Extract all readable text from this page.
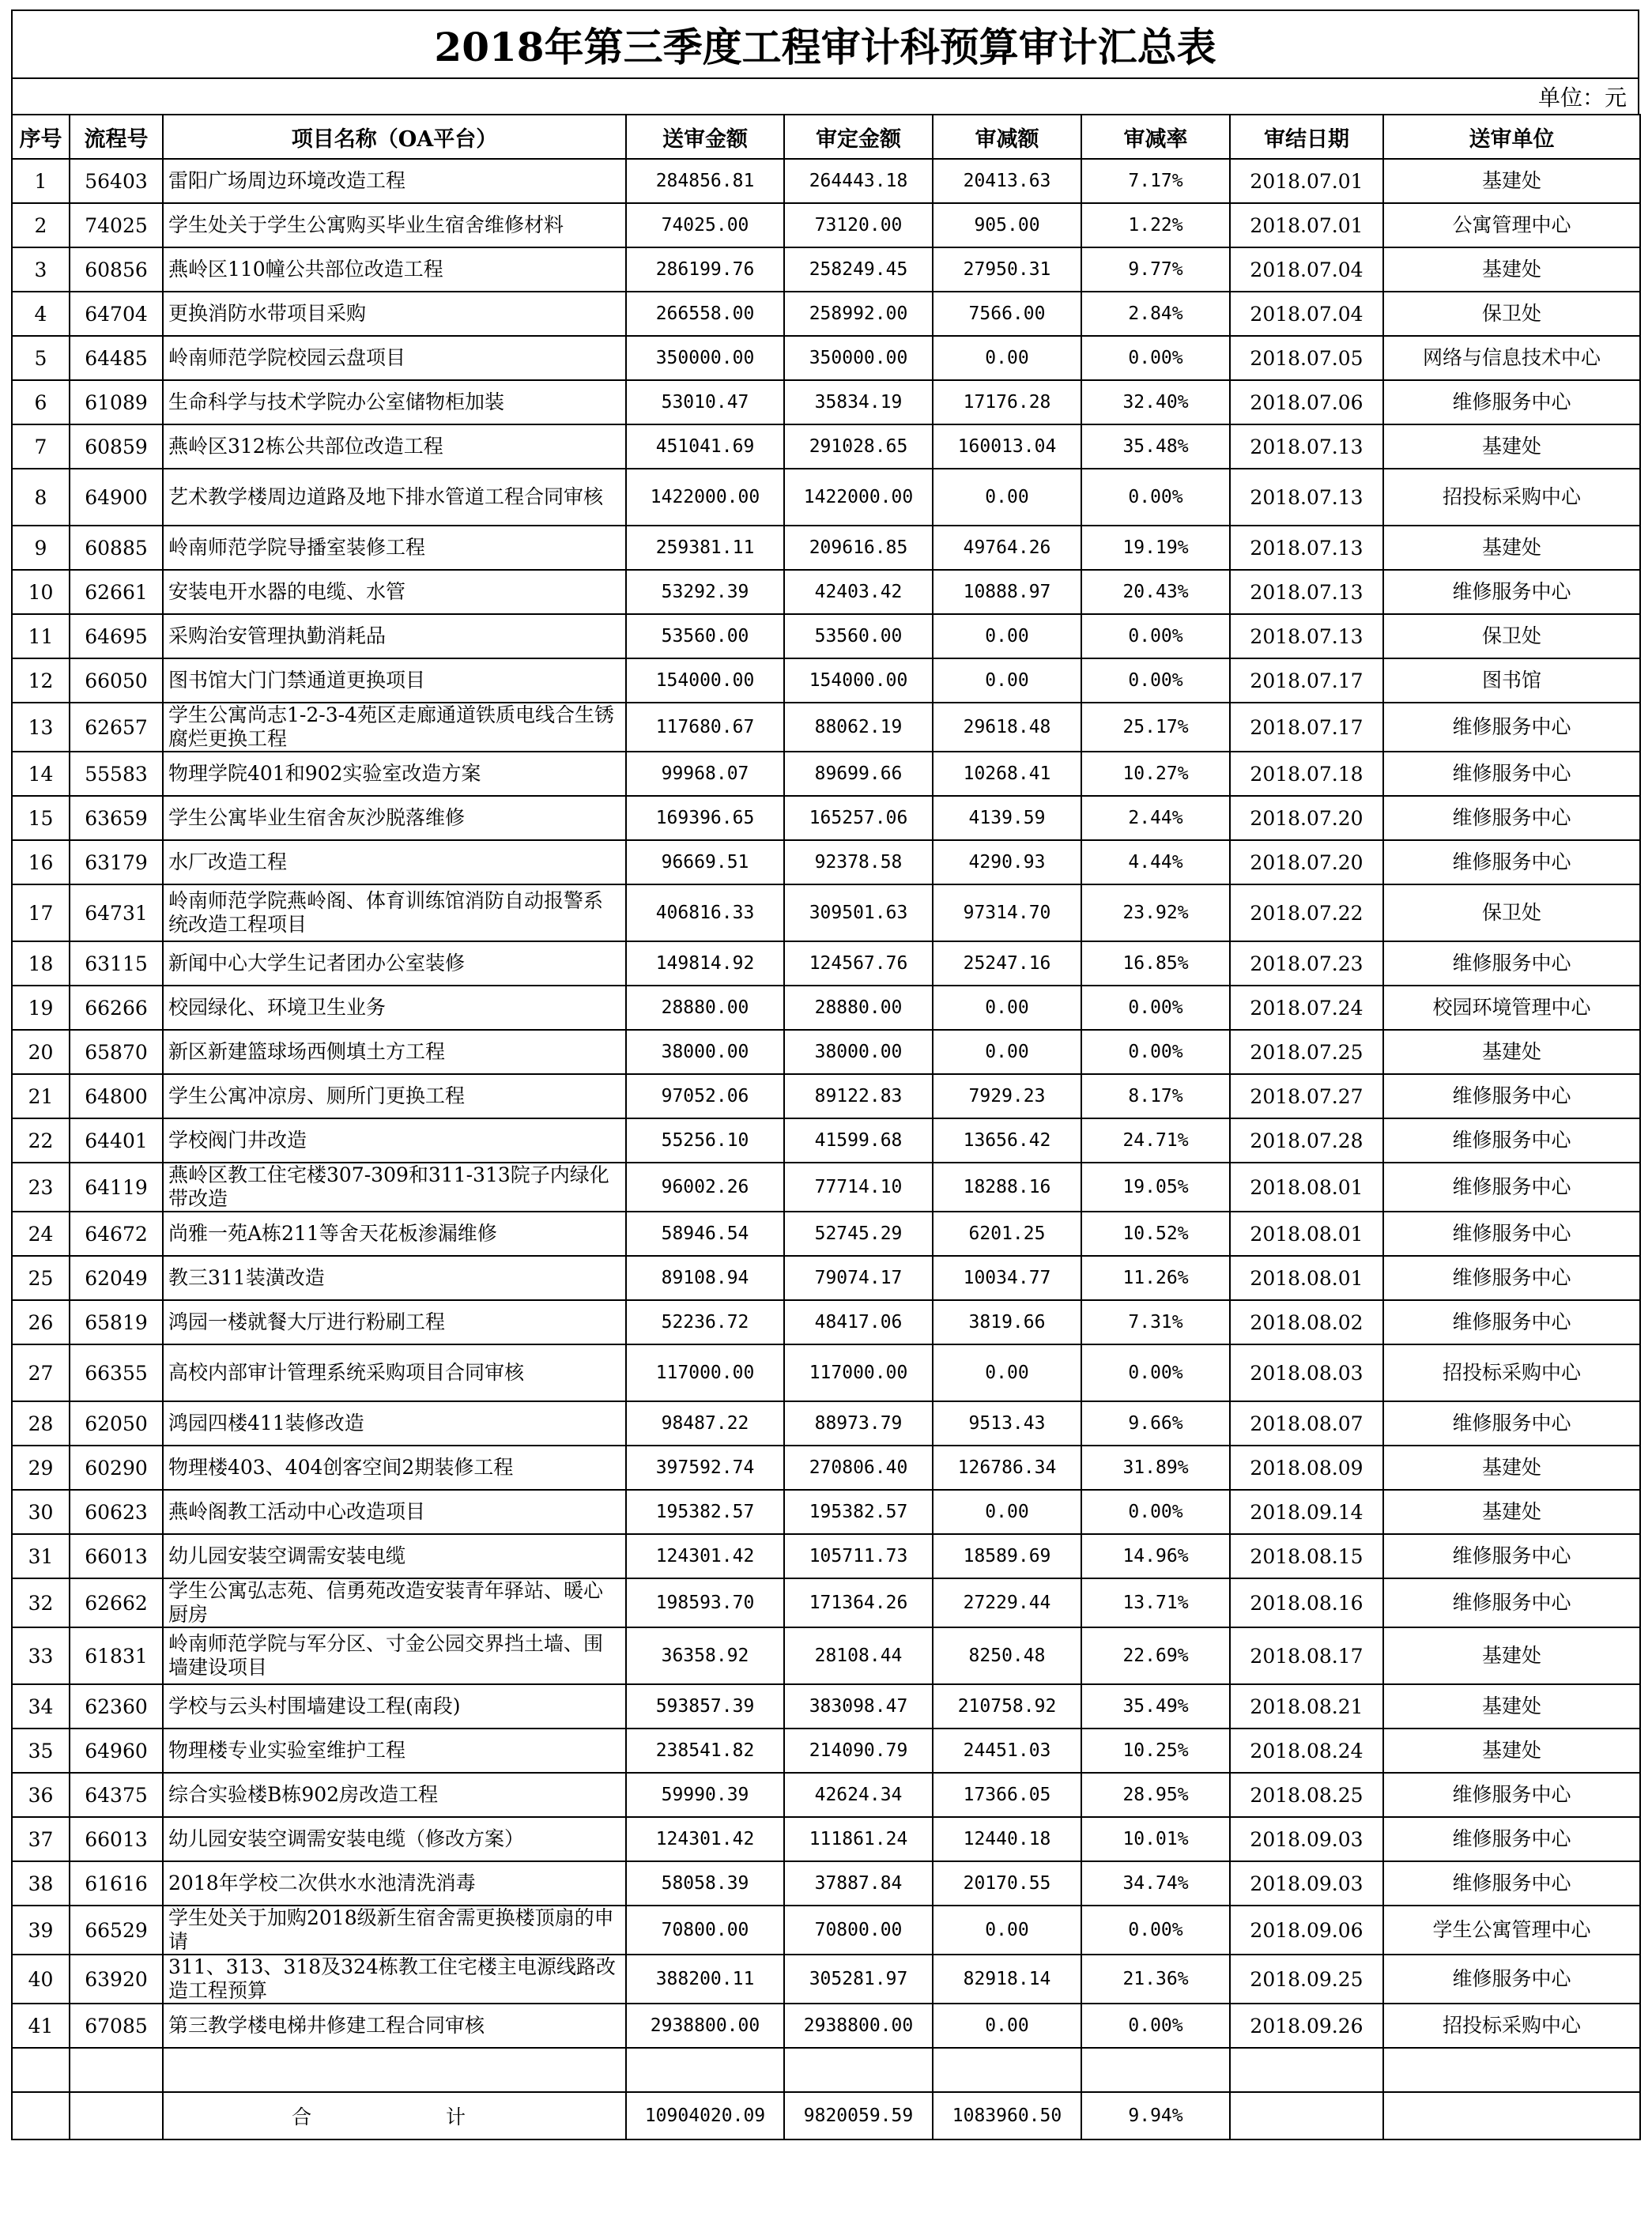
2018年第三季度工程审计科预算审计汇总表
单位：元
序号	流程号	项目名称（OA平台）	送审金额	审定金额	审减额	审减率	审结日期	送审单位
1	56403	雷阳广场周边环境改造工程	284856.81	264443.18	20413.63	7.17%	2018.07.01	基建处
2	74025	学生处关于学生公寓购买毕业生宿舍维修材料	74025.00	73120.00	905.00	1.22%	2018.07.01	公寓管理中心
3	60856	燕岭区110幢公共部位改造工程	286199.76	258249.45	27950.31	9.77%	2018.07.04	基建处
4	64704	更换消防水带项目采购	266558.00	258992.00	7566.00	2.84%	2018.07.04	保卫处
5	64485	岭南师范学院校园云盘项目	350000.00	350000.00	0.00	0.00%	2018.07.05	网络与信息技术中心
6	61089	生命科学与技术学院办公室储物柜加装	53010.47	35834.19	17176.28	32.40%	2018.07.06	维修服务中心
7	60859	燕岭区312栋公共部位改造工程	451041.69	291028.65	160013.04	35.48%	2018.07.13	基建处
8	64900	艺术教学楼周边道路及地下排水管道工程合同审核	1422000.00	1422000.00	0.00	0.00%	2018.07.13	招投标采购中心
9	60885	岭南师范学院导播室装修工程	259381.11	209616.85	49764.26	19.19%	2018.07.13	基建处
10	62661	安装电开水器的电缆、水管	53292.39	42403.42	10888.97	20.43%	2018.07.13	维修服务中心
11	64695	采购治安管理执勤消耗品	53560.00	53560.00	0.00	0.00%	2018.07.13	保卫处
12	66050	图书馆大门门禁通道更换项目	154000.00	154000.00	0.00	0.00%	2018.07.17	图书馆
13	62657	学生公寓尚志1-2-3-4苑区走廊通道铁质电线合生锈腐烂更换工程	117680.67	88062.19	29618.48	25.17%	2018.07.17	维修服务中心
14	55583	物理学院401和902实验室改造方案	99968.07	89699.66	10268.41	10.27%	2018.07.18	维修服务中心
15	63659	学生公寓毕业生宿舍灰沙脱落维修	169396.65	165257.06	4139.59	2.44%	2018.07.20	维修服务中心
16	63179	水厂改造工程	96669.51	92378.58	4290.93	4.44%	2018.07.20	维修服务中心
17	64731	岭南师范学院燕岭阁、体育训练馆消防自动报警系统改造工程项目	406816.33	309501.63	97314.70	23.92%	2018.07.22	保卫处
18	63115	新闻中心大学生记者团办公室装修	149814.92	124567.76	25247.16	16.85%	2018.07.23	维修服务中心
19	66266	校园绿化、环境卫生业务	28880.00	28880.00	0.00	0.00%	2018.07.24	校园环境管理中心
20	65870	新区新建篮球场西侧填土方工程	38000.00	38000.00	0.00	0.00%	2018.07.25	基建处
21	64800	学生公寓冲凉房、厕所门更换工程	97052.06	89122.83	7929.23	8.17%	2018.07.27	维修服务中心
22	64401	学校阀门井改造	55256.10	41599.68	13656.42	24.71%	2018.07.28	维修服务中心
23	64119	燕岭区教工住宅楼307-309和311-313院子内绿化带改造	96002.26	77714.10	18288.16	19.05%	2018.08.01	维修服务中心
24	64672	尚雅一苑A栋211等舍天花板渗漏维修	58946.54	52745.29	6201.25	10.52%	2018.08.01	维修服务中心
25	62049	教三311装潢改造	89108.94	79074.17	10034.77	11.26%	2018.08.01	维修服务中心
26	65819	鸿园一楼就餐大厅进行粉刷工程	52236.72	48417.06	3819.66	7.31%	2018.08.02	维修服务中心
27	66355	高校内部审计管理系统采购项目合同审核	117000.00	117000.00	0.00	0.00%	2018.08.03	招投标采购中心
28	62050	鸿园四楼411装修改造	98487.22	88973.79	9513.43	9.66%	2018.08.07	维修服务中心
29	60290	物理楼403、404创客空间2期装修工程	397592.74	270806.40	126786.34	31.89%	2018.08.09	基建处
30	60623	燕岭阁教工活动中心改造项目	195382.57	195382.57	0.00	0.00%	2018.09.14	基建处
31	66013	幼儿园安装空调需安装电缆	124301.42	105711.73	18589.69	14.96%	2018.08.15	维修服务中心
32	62662	学生公寓弘志苑、信勇苑改造安装青年驿站、暖心厨房	198593.70	171364.26	27229.44	13.71%	2018.08.16	维修服务中心
33	61831	岭南师范学院与军分区、寸金公园交界挡土墙、围墙建设项目	36358.92	28108.44	8250.48	22.69%	2018.08.17	基建处
34	62360	学校与云头村围墙建设工程(南段)	593857.39	383098.47	210758.92	35.49%	2018.08.21	基建处
35	64960	物理楼专业实验室维护工程	238541.82	214090.79	24451.03	10.25%	2018.08.24	基建处
36	64375	综合实验楼B栋902房改造工程	59990.39	42624.34	17366.05	28.95%	2018.08.25	维修服务中心
37	66013	幼儿园安装空调需安装电缆（修改方案）	124301.42	111861.24	12440.18	10.01%	2018.09.03	维修服务中心
38	61616	2018年学校二次供水水池清洗消毒	58058.39	37887.84	20170.55	34.74%	2018.09.03	维修服务中心
39	66529	学生处关于加购2018级新生宿舍需更换楼顶扇的申请	70800.00	70800.00	0.00	0.00%	2018.09.06	学生公寓管理中心
40	63920	311、313、318及324栋教工住宅楼主电源线路改造工程预算	388200.11	305281.97	82918.14	21.36%	2018.09.25	维修服务中心
41	67085	第三教学楼电梯井修建工程合同审核	2938800.00	2938800.00	0.00	0.00%	2018.09.26	招投标采购中心

		合　　计	10904020.09	9820059.59	1083960.50	9.94%		
